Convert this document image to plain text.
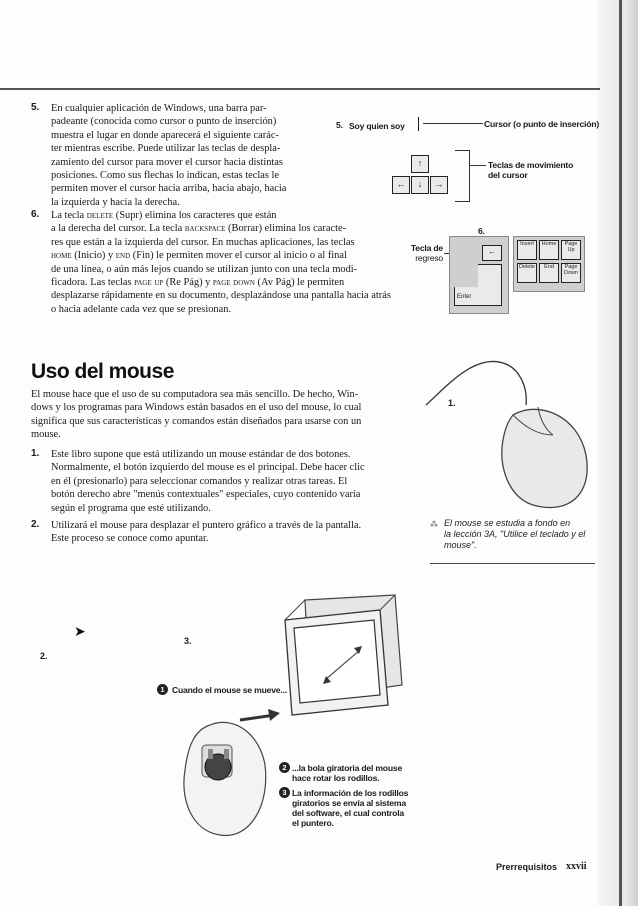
5. En cualquier aplicación de Windows, una barra par-
padeante (conocida como cursor o punto de inserción)
muestra el lugar en donde aparecerá el siguiente carác-
ter mientras escribe. Puede utilizar las teclas de despla-
zamiento del cursor para mover el cursor hacia distintas
posiciones. Como sus flechas lo indican, estas teclas le
permiten mover el cursor hacia arriba, hacia abajo, hacia
la izquierda y hacia la derecha.
6. La tecla delete (Supr) elimina los caracteres que están
a la derecha del cursor. La tecla backspace (Borrar) elimina los caracte-
res que están a la izquierda del cursor. En muchas aplicaciones, las teclas
home (Inicio) y end (Fin) le permiten mover el cursor al inicio o al final
de una línea, o aún más lejos cuando se utilizan junto con una tecla modi-
ficadora. Las teclas page up (Re Pág) y page down (Av Pág) le permiten
desplazarse rápidamente en su documento, desplazándose una pantalla hacia atrás
o hacia adelante cada vez que se presionan.
5. Soy quien soy	Cursor (o punto de inserción)
↑
←	↓	→
Teclas de movimiento
del cursor
6.
Tecla de
regreso
←
Enter
Insert	Home	Page Up
Delete	End	Page Down
Uso del mouse
El mouse hace que el uso de su computadora sea más sencillo. De hecho, Win-
dows y los programas para Windows están basados en el uso del mouse, lo cual
significa que sus características y comandos están diseñados para usarse con un
mouse.
1. Este libro supone que está utilizando un mouse estándar de dos botones.
Normalmente, el botón izquierdo del mouse es el principal. Debe hacer clic
en él (presionarlo) para seleccionar comandos y realizar otras tareas. El
botón derecho abre "menús contextuales" especiales, cuyo contenido varía
según el programa que esté utilizando.
2. Utilizará el mouse para desplazar el puntero gráfico a través de la pantalla.
Este proceso se conoce como apuntar.
1.
⁂ El mouse se estudia a fondo en
la lección 3A, "Utilice el teclado y el
mouse".
➤
2.
3.
1 Cuando el mouse se mueve...
2 ...la bola giratoria del mouse
hace rotar los rodillos.
3 La información de los rodillos
giratorios se envía al sistema
del software, el cual controla
el puntero.
Prerrequisitos xxvii
